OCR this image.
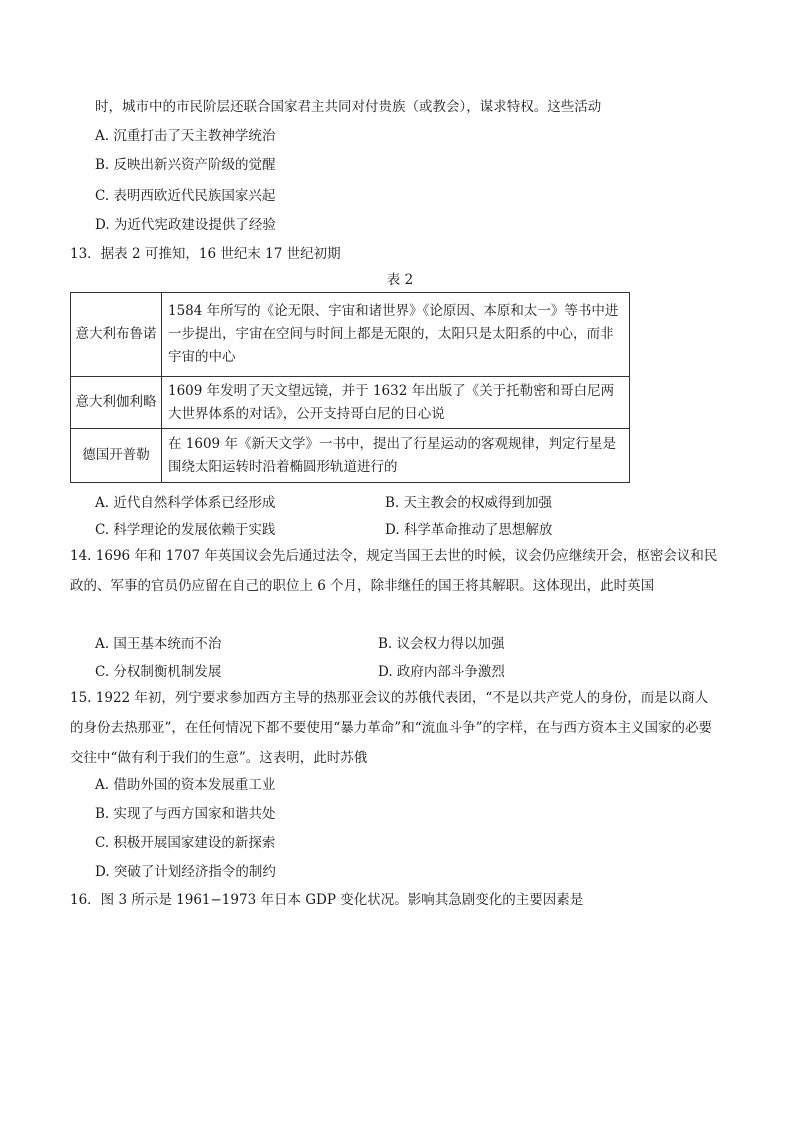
时，城市中的市民阶层还联合国家君主共同对付贵族（或教会），谋求特权。这些活动
A. 沉重打击了天主教神学统治
B. 反映出新兴资产阶级的觉醒
C. 表明西欧近代民族国家兴起
D. 为近代宪政建设提供了经验
13．据表 2 可推知，16 世纪末 17 世纪初期
表 2
意大利布鲁诺	1584 年所写的《论无限、宇宙和诸世界》《论原因、本原和太一》等书中进一步提出，宇宙在空间与时间上都是无限的，太阳只是太阳系的中心，而非宇宙的中心
意大利伽利略	1609 年发明了天文望远镜，并于 1632 年出版了《关于托勒密和哥白尼两大世界体系的对话》，公开支持哥白尼的日心说
德国开普勒	在 1609 年《新天文学》一书中，提出了行星运动的客观规律，判定行星是围绕太阳运转时沿着椭圆形轨道进行的
A. 近代自然科学体系已经形成	B. 天主教会的权威得到加强
C. 科学理论的发展依赖于实践	D. 科学革命推动了思想解放
14. 1696 年和 1707 年英国议会先后通过法令，规定当国王去世的时候，议会仍应继续开会，枢密会议和民政的、军事的官员仍应留在自己的职位上 6 个月，除非继任的国王将其解职。这体现出，此时英国
A. 国王基本统而不治	B. 议会权力得以加强
C. 分权制衡机制发展	D. 政府内部斗争激烈
15. 1922 年初，列宁要求参加西方主导的热那亚会议的苏俄代表团，“不是以共产党人的身份，而是以商人的身份去热那亚”，在任何情况下都不要使用“暴力革命”和“流血斗争”的字样，在与西方资本主义国家的必要交往中“做有利于我们的生意”。这表明，此时苏俄
A. 借助外国的资本发展重工业
B. 实现了与西方国家和谐共处
C. 积极开展国家建设的新探索
D. 突破了计划经济指令的制约
16．图 3 所示是 1961−1973 年日本 GDP 变化状况。影响其急剧变化的主要因素是
